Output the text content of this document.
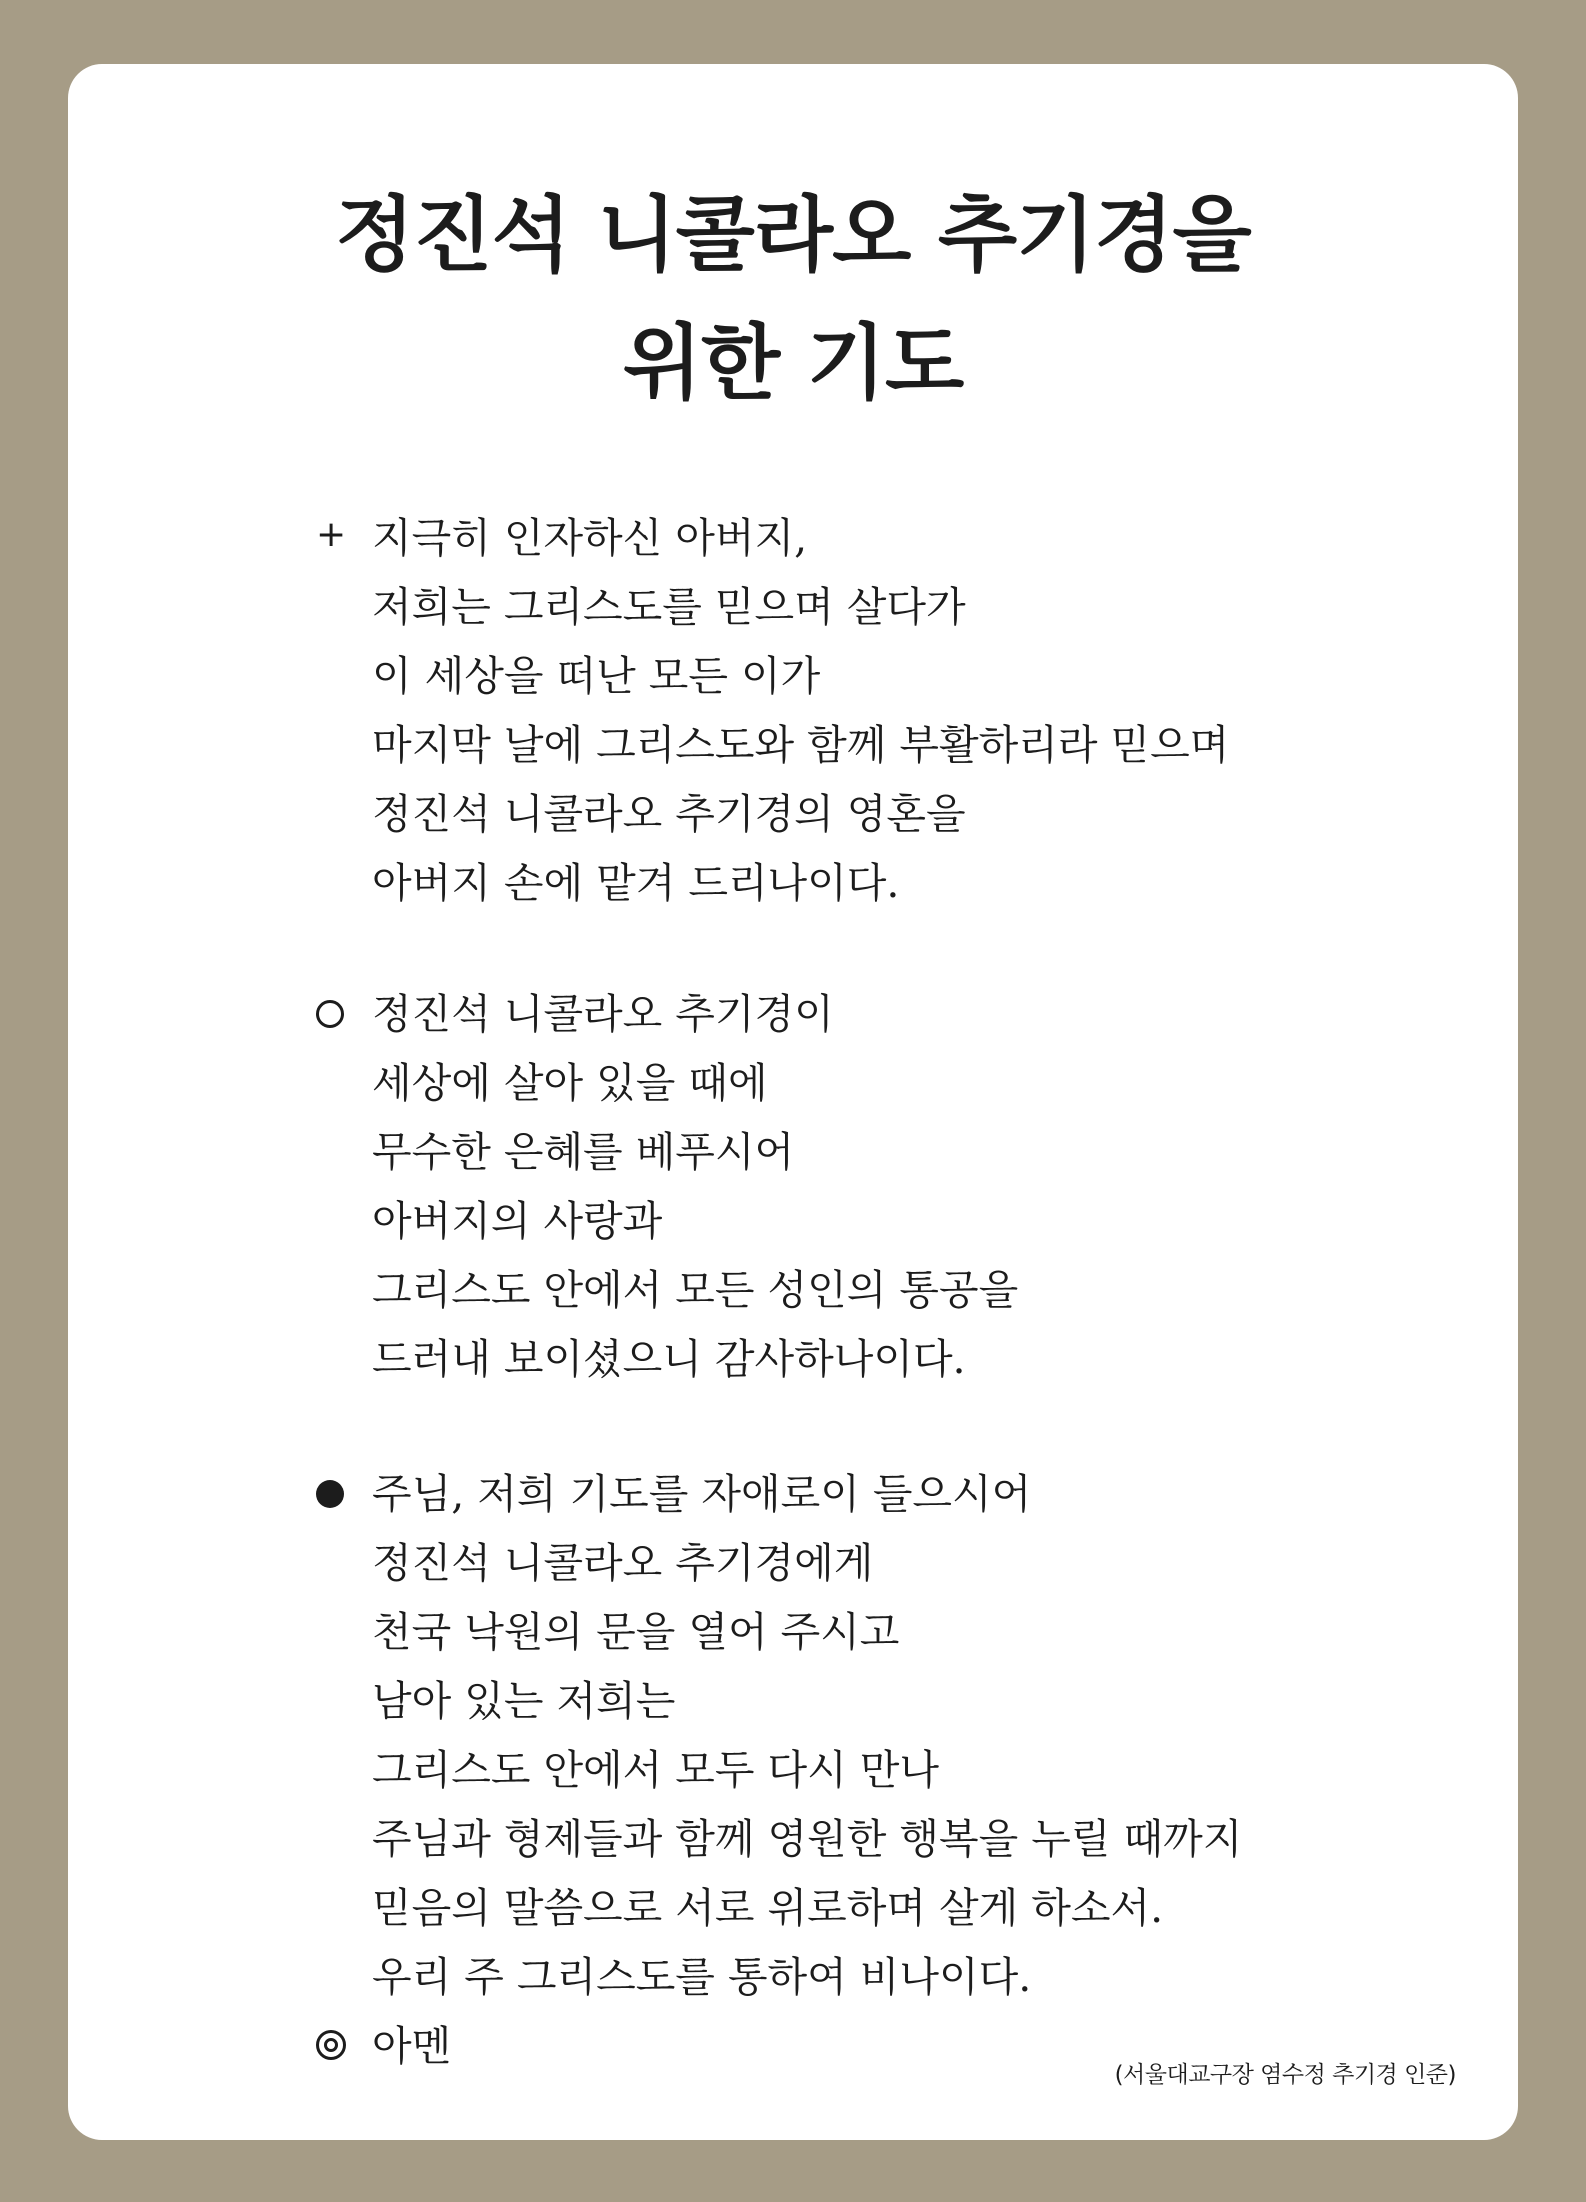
정진석 니콜라오 추기경을
위한 기도
+ 지극히 인자하신 아버지,
저희는 그리스도를 믿으며 살다가
이 세상을 떠난 모든 이가
마지막 날에 그리스도와 함께 부활하리라 믿으며
정진석 니콜라오 추기경의 영혼을
아버지 손에 맡겨 드리나이다.
정진석 니콜라오 추기경이
세상에 살아 있을 때에
무수한 은혜를 베푸시어
아버지의 사랑과
그리스도 안에서 모든 성인의 통공을
드러내 보이셨으니 감사하나이다.
주님, 저희 기도를 자애로이 들으시어
정진석 니콜라오 추기경에게
천국 낙원의 문을 열어 주시고
남아 있는 저희는
그리스도 안에서 모두 다시 만나
주님과 형제들과 함께 영원한 행복을 누릴 때까지
믿음의 말씀으로 서로 위로하며 살게 하소서.
우리 주 그리스도를 통하여 비나이다.
아멘
(서울대교구장 염수정 추기경 인준)
